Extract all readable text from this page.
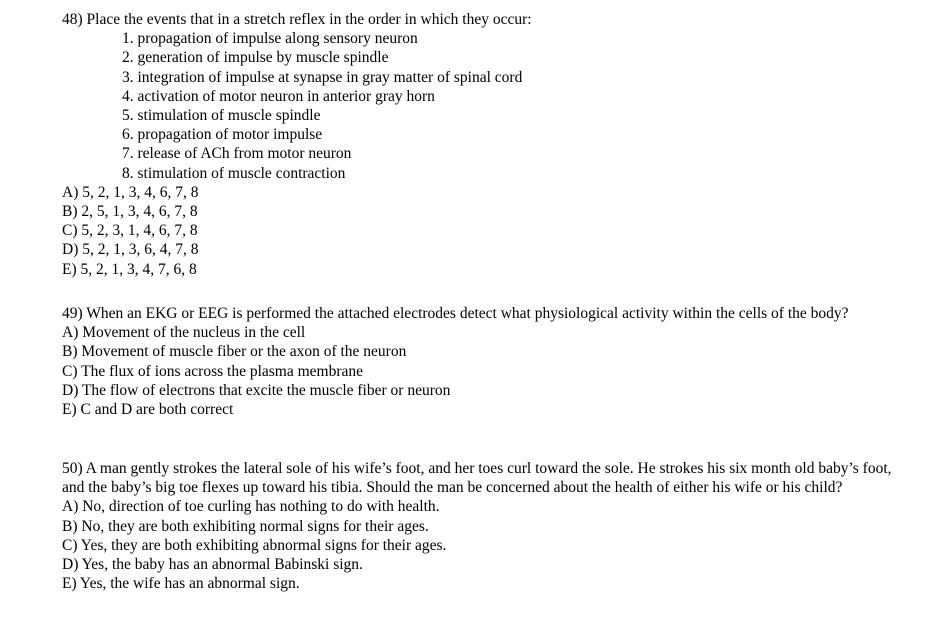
48) Place the events that in a stretch reflex in the order in which they occur:
1. propagation of impulse along sensory neuron
2. generation of impulse by muscle spindle
3. integration of impulse at synapse in gray matter of spinal cord
4. activation of motor neuron in anterior gray horn
5. stimulation of muscle spindle
6. propagation of motor impulse
7. release of ACh from motor neuron
8. stimulation of muscle contraction
A) 5, 2, 1, 3, 4, 6, 7, 8
B) 2, 5, 1, 3, 4, 6, 7, 8
C) 5, 2, 3, 1, 4, 6, 7, 8
D) 5, 2, 1, 3, 6, 4, 7, 8
E) 5, 2, 1, 3, 4, 7, 6, 8
49) When an EKG or EEG is performed the attached electrodes detect what physiological activity within the cells of the body?
A) Movement of the nucleus in the cell
B) Movement of muscle fiber or the axon of the neuron
C) The flux of ions across the plasma membrane
D) The flow of electrons that excite the muscle fiber or neuron
E) C and D are both correct
50) A man gently strokes the lateral sole of his wife’s foot, and her toes curl toward the sole. He strokes his six month old baby’s foot, and the baby’s big toe flexes up toward his tibia. Should the man be concerned about the health of either his wife or his child?
A) No, direction of toe curling has nothing to do with health.
B) No, they are both exhibiting normal signs for their ages.
C) Yes, they are both exhibiting abnormal signs for their ages.
D) Yes, the baby has an abnormal Babinski sign.
E) Yes, the wife has an abnormal sign.
